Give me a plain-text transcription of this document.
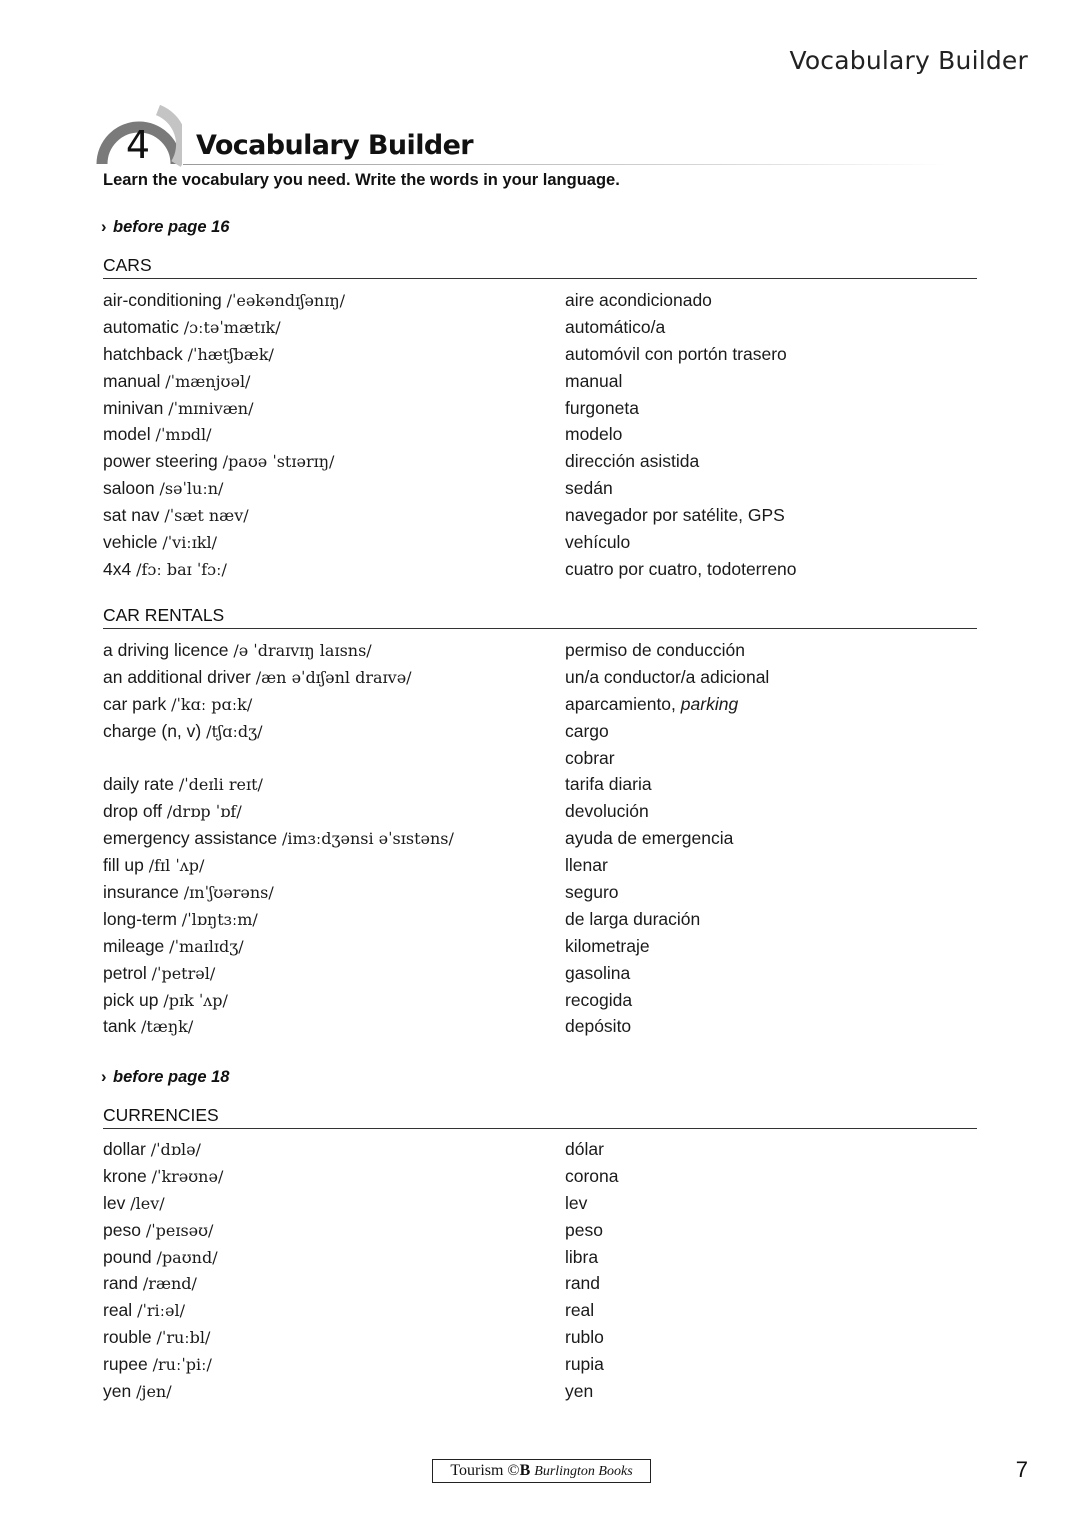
Vocabulary Builder
4 Vocabulary Builder
Learn the vocabulary you need. Write the words in your language.
› before page 16
CARS
air-conditioning /ˈeəkəndɪʃənɪŋ/	aire acondicionado
automatic /ɔːtəˈmætɪk/	automático/a
hatchback /ˈhætʃbæk/	automóvil con portón trasero
manual /ˈmænjʊəl/	manual
minivan /ˈmɪnivæn/	furgoneta
model /ˈmɒdl/	modelo
power steering /paʊə ˈstɪərɪŋ/	dirección asistida
saloon /səˈluːn/	sedán
sat nav /ˈsæt næv/	navegador por satélite, GPS
vehicle /ˈviːɪkl/	vehículo
4x4 /fɔː baɪ ˈfɔː/	cuatro por cuatro, todoterreno
CAR RENTALS
a driving licence /ə ˈdraɪvɪŋ laɪsns/	permiso de conducción
an additional driver /æn əˈdɪʃənl draɪvə/	un/a conductor/a adicional
car park /ˈkɑː pɑːk/	aparcamiento, parking
charge (n, v) /tʃɑːdʒ/	cargo
cobrar
daily rate /ˈdeɪli reɪt/	tarifa diaria
drop off /drɒp ˈɒf/	devolución
emergency assistance /imɜːdʒənsi əˈsɪstəns/	ayuda de emergencia
fill up /fɪl ˈʌp/	llenar
insurance /ɪnˈʃʊərəns/	seguro
long-term /ˈlɒŋtɜːm/	de larga duración
mileage /ˈmaɪlɪdʒ/	kilometraje
petrol /ˈpetrəl/	gasolina
pick up /pɪk ˈʌp/	recogida
tank /tæŋk/	depósito
› before page 18
CURRENCIES
dollar /ˈdɒlə/	dólar
krone /ˈkrəʊnə/	corona
lev /lev/	lev
peso /ˈpeɪsəʊ/	peso
pound /paʊnd/	libra
rand /rænd/	rand
real /ˈriːəl/	real
rouble /ˈruːbl/	rublo
rupee /ruːˈpiː/	rupia
yen /jen/	yen
Tourism ©B Burlington Books	7
